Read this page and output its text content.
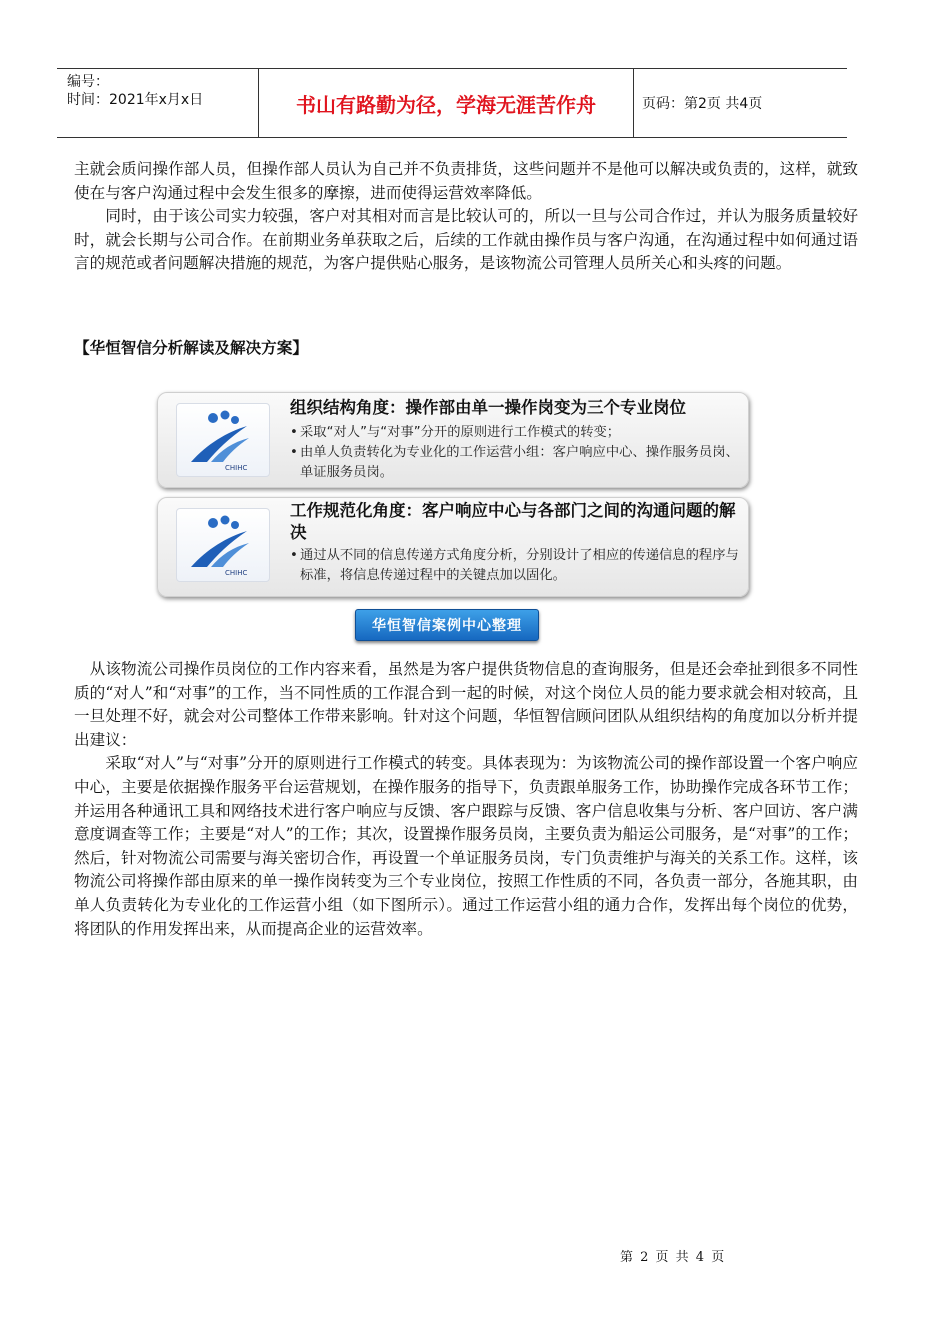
编号：
时间：2021年x月x日	书山有路勤为径，学海无涯苦作舟	页码：第2页 共4页

主就会质问操作部人员，但操作部人员认为自己并不负责排货，这些问题并不是他可以解决或负责的，这样，就致使在与客户沟通过程中会发生很多的摩擦，进而使得运营效率降低。

　　同时，由于该公司实力较强，客户对其相对而言是比较认可的，所以一旦与公司合作过，并认为服务质量较好时，就会长期与公司合作。在前期业务单获取之后，后续的工作就由操作员与客户沟通，在沟通过程中如何通过语言的规范或者问题解决措施的规范，为客户提供贴心服务，是该物流公司管理人员所关心和头疼的问题。

【华恒智信分析解读及解决方案】
CHIHC
组织结构角度：操作部由单一操作岗变为三个专业岗位
• 采取“对人”与“对事”分开的原则进行工作模式的转变；
• 由单人负责转化为专业化的工作运营小组：客户响应中心、操作服务员岗、单证服务员岗。
CHIHC
工作规范化角度：客户响应中心与各部门之间的沟通问题的解决
• 通过从不同的信息传递方式角度分析，分别设计了相应的传递信息的程序与标准，将信息传递过程中的关键点加以固化。
华恒智信案例中心整理

　从该物流公司操作员岗位的工作内容来看，虽然是为客户提供货物信息的查询服务，但是还会牵扯到很多不同性质的“对人”和“对事”的工作，当不同性质的工作混合到一起的时候，对这个岗位人员的能力要求就会相对较高，且一旦处理不好，就会对公司整体工作带来影响。针对这个问题，华恒智信顾问团队从组织结构的角度加以分析并提出建议：

　　采取“对人”与“对事”分开的原则进行工作模式的转变。具体表现为：为该物流公司的操作部设置一个客户响应中心，主要是依据操作服务平台运营规划，在操作服务的指导下，负责跟单服务工作，协助操作完成各环节工作；并运用各种通讯工具和网络技术进行客户响应与反馈、客户跟踪与反馈、客户信息收集与分析、客户回访、客户满意度调查等工作；主要是“对人”的工作；其次，设置操作服务员岗，主要负责为船运公司服务，是“对事”的工作；然后，针对物流公司需要与海关密切合作，再设置一个单证服务员岗，专门负责维护与海关的关系工作。这样，该物流公司将操作部由原来的单一操作岗转变为三个专业岗位，按照工作性质的不同，各负责一部分，各施其职，由单人负责转化为专业化的工作运营小组（如下图所示）。通过工作运营小组的通力合作，发挥出每个岗位的优势，将团队的作用发挥出来，从而提高企业的运营效率。

第 2 页 共 4 页
